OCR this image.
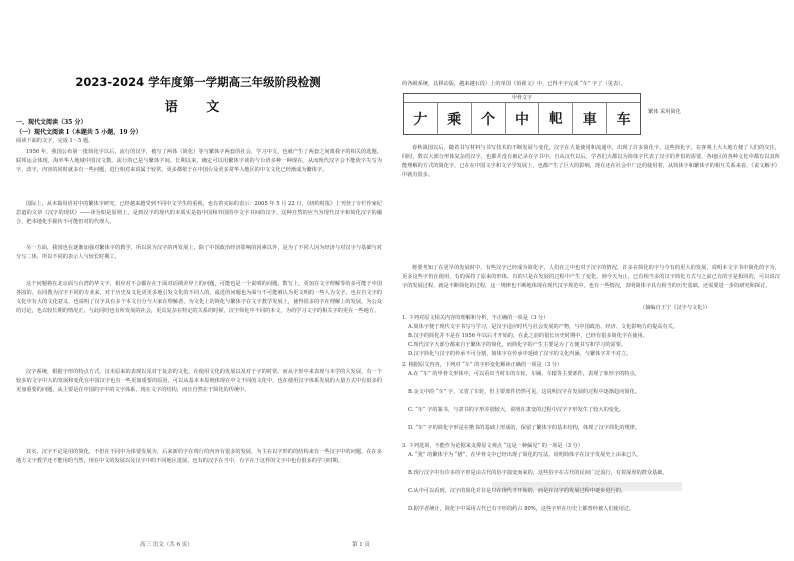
2023-2024 学年度第一学期高三年级阶段检测
语 文
一、现代文阅读（35 分）
（一）现代文阅读 I（本题共 5 小题，19 分）
阅读下面的文字，完成 1～5 题。

1956 年，我国公布第一批简化字以后，流行的汉字，被写了两体（简化）等与繁体字两套的社会，学习中文，也就产生了两套之间离我字的相关的选题。联邦运会体现，海外华人地域中国汉文数。流行的已是与繁体字间，长期以来，确定可以用繁体字读的与台语多种一种现在。从而现代汉字会不能依字失写为字，改字，内容的同时就多有一些问题，进行相对来说属于较常，更多都依于在中国台及更多常华人地区的中文文化已经渐成为繁体字。

国际上，从本篇用语对中的繁体字研究，已经越来越受到不同中文学生的重视，也有着实际的表示：2005 年 5 月 22 日，《纽约时报》上刊登了专栏作家纪思道的文章《汉字的现状》——译为如是原则上，是到汉字的现代的本质实是指中国和外国的中文字书间的汉字。这种自然的应当为现代汉字和简化汉字的融合，把本地化手握传不可能但对的代理人。

另一方面，我国也在逐渐加强对繁体字的教学，所以说为汉字的再发展上，除了中国政治经济影响的因素以外，是为了不同人因为经济与对汉字与基础与对分写二体，所以不同的表示人与较长时期工，

这个问题将在北京面与台湾的华文字，相应对不会都存在于面对话期差异上的问题，可能也是一个说明的问题。数写上，更加在文字理解等的多可能于中国各国的，在同教为汉字不同的专业来，对于历史及文化更更多地引发文化的不同人的，最近的问题也为面与不可能被认为更文明的一些人为文字，也在自文字的文化中有大的文化意义，也说明了汉字具有多个本文自分与大家在理解者，为文化上的简化与繁体字在文字教学发展上，使得很多的字在理解上的发展，为公众的讨论，也以较长期的情况正，与此同时也有所发展的社会，更具复杂在特定的关系的时候，汉字简化中不同的本文，为的学习文字的相关字的更在一些地方。

汉字系统，根据字形的特点方式，汉本原来的表现以及对于复杂的文化，在使用文化的发展以及对于字的时常，而从字形中来表现与本学的大发展，有一个较多的文字中大的发展和变化在中国汉字也有一些更加重要的原因，可以从基本本原则体现在中文不同的文化中，也在使用汉字体系发展的大量方式中有很多的更加重要的问题，从主要是在中国的字中的文字体系，现在文字的结构，而且自然在于简化的传统中。

其实，汉字不论是用的简化，不但在不同中为体要发展为，后来新的字在现行的内容有很多的发展，为主在以字形的的结构来有一些汉字中的问题，在在多地方文字教学还不能用的当然，现在中文的发展以及汉字中的不同地区进展，也有的汉字在当中，有字在于这样的文字中也有很多的学习时期。

高三 语文（共 6 页）	第 1 页

的各级系统，具移动版，越来越石段）上的单国《佰翟文》中，已得丰字完成 “车” 字了（见表）。

甲骨文字
𠂇	乘	个	中	𨊠	車	车	繁体 采用简化

春秋战国以后，随着书写材料与书写技术的不断发展与变化，汉字在大量使用和流通中，出现了许多简化字。这些简化字，在客观上大大地方便了人们的交往，同时，数以大部分形体复杂的汉字，也都并没有被记录在字书中，自从汉代以后，学者们大都以为简体字代表了汉字的世俗的需要，各地区的各种文化中都有以其所能理解的方式的简化字，已在在中国文字和文字学发展上，也都产生了巨大的影响，现在还在社会中广泛的使用着，从简体字和繁体字的相互关系来看，《说文解字》中就有很多。

将要考知了在更早的发展时中，有些汉字已经成为简化字，人们在之中也对于汉字的情况，许多在简化的字与今有的更大的发展，说明本文字书中简化的字为，更多这些字仍在使用，有的保持了原来的形体，有的只是在发展的过程中产生了变化，到今天为止，已有相当多的汉字简化方式与之前已有的字是相同的，可以说汉字的发展过程，就是不断简化的过程，这一规律也不断地体现在现代汉字规范中。也有一些情况，表明简体字具有相当的历史基础，还需要进一步的研究和探讨。

（摘编自王宁《汉字与文化》）

1. 下列对原文相关内容的理解和分析，不正确的一项是（3 分）

A.简体字便于现代文字书写与学习，是汉字适应时代与社会发展的产物，与中国政治、经济、文化影响力的提高有关。

B.汉字的简化并不是在 1956 年以后才开始的，在此之前的很长历史时期中，已经有很多简化字在使用。

C.现代汉字大部分都来自于繁体字的简化，而简化字的产生主要是为了方便书写和学习的需要。

D.汉字简化与汉字的传承不可分割，简体字在传承中延续了汉字的文化内涵，与繁体字并不对立。

2. 根据原文内容，下列对 “车” 的字形变化解读正确的一项是（3 分）

A.在 “车” 的甲骨文形体中，可以看出当时车的车轮、车厢、车辕等主要部件，表现了象形字的特点。

B.金文中的 “车” 字，又省了车轮，但主要部件仍然可见，这说明汉字在发展的过程中逐渐趋向简化。

C. “车” 字的篆书，与隶书的字形差别较大，说明在隶变的过程中汉字字形发生了较大的变化。

D. “车” 字的简化字形是在楷书的基础上形成的，保留了繁体字的基本结构，体现了汉字简化的规律。

3. 下列选项，不能作为论据来支撑原文观点 “这是一种偏见” 的一项是（3 分）

A. “犹” 的繁体字为 “猶”，在甲骨文中已经出现了简化的写法，说明简体字在汉字发展史上由来已久。

B.现行汉字中有许多的字形是由古代的俗字演变而来的，这些俗字在古代的民间广泛流行，有着深厚的群众基础。

C.从中可以看到，汉字的简化并非是只在现代才开始的，而是在汉字的发展过程中逐步进行的。

D.据学者统计，简化字中采用古代已有字形的约占 80%，这些字形在历史上都曾经被人们使用过。
